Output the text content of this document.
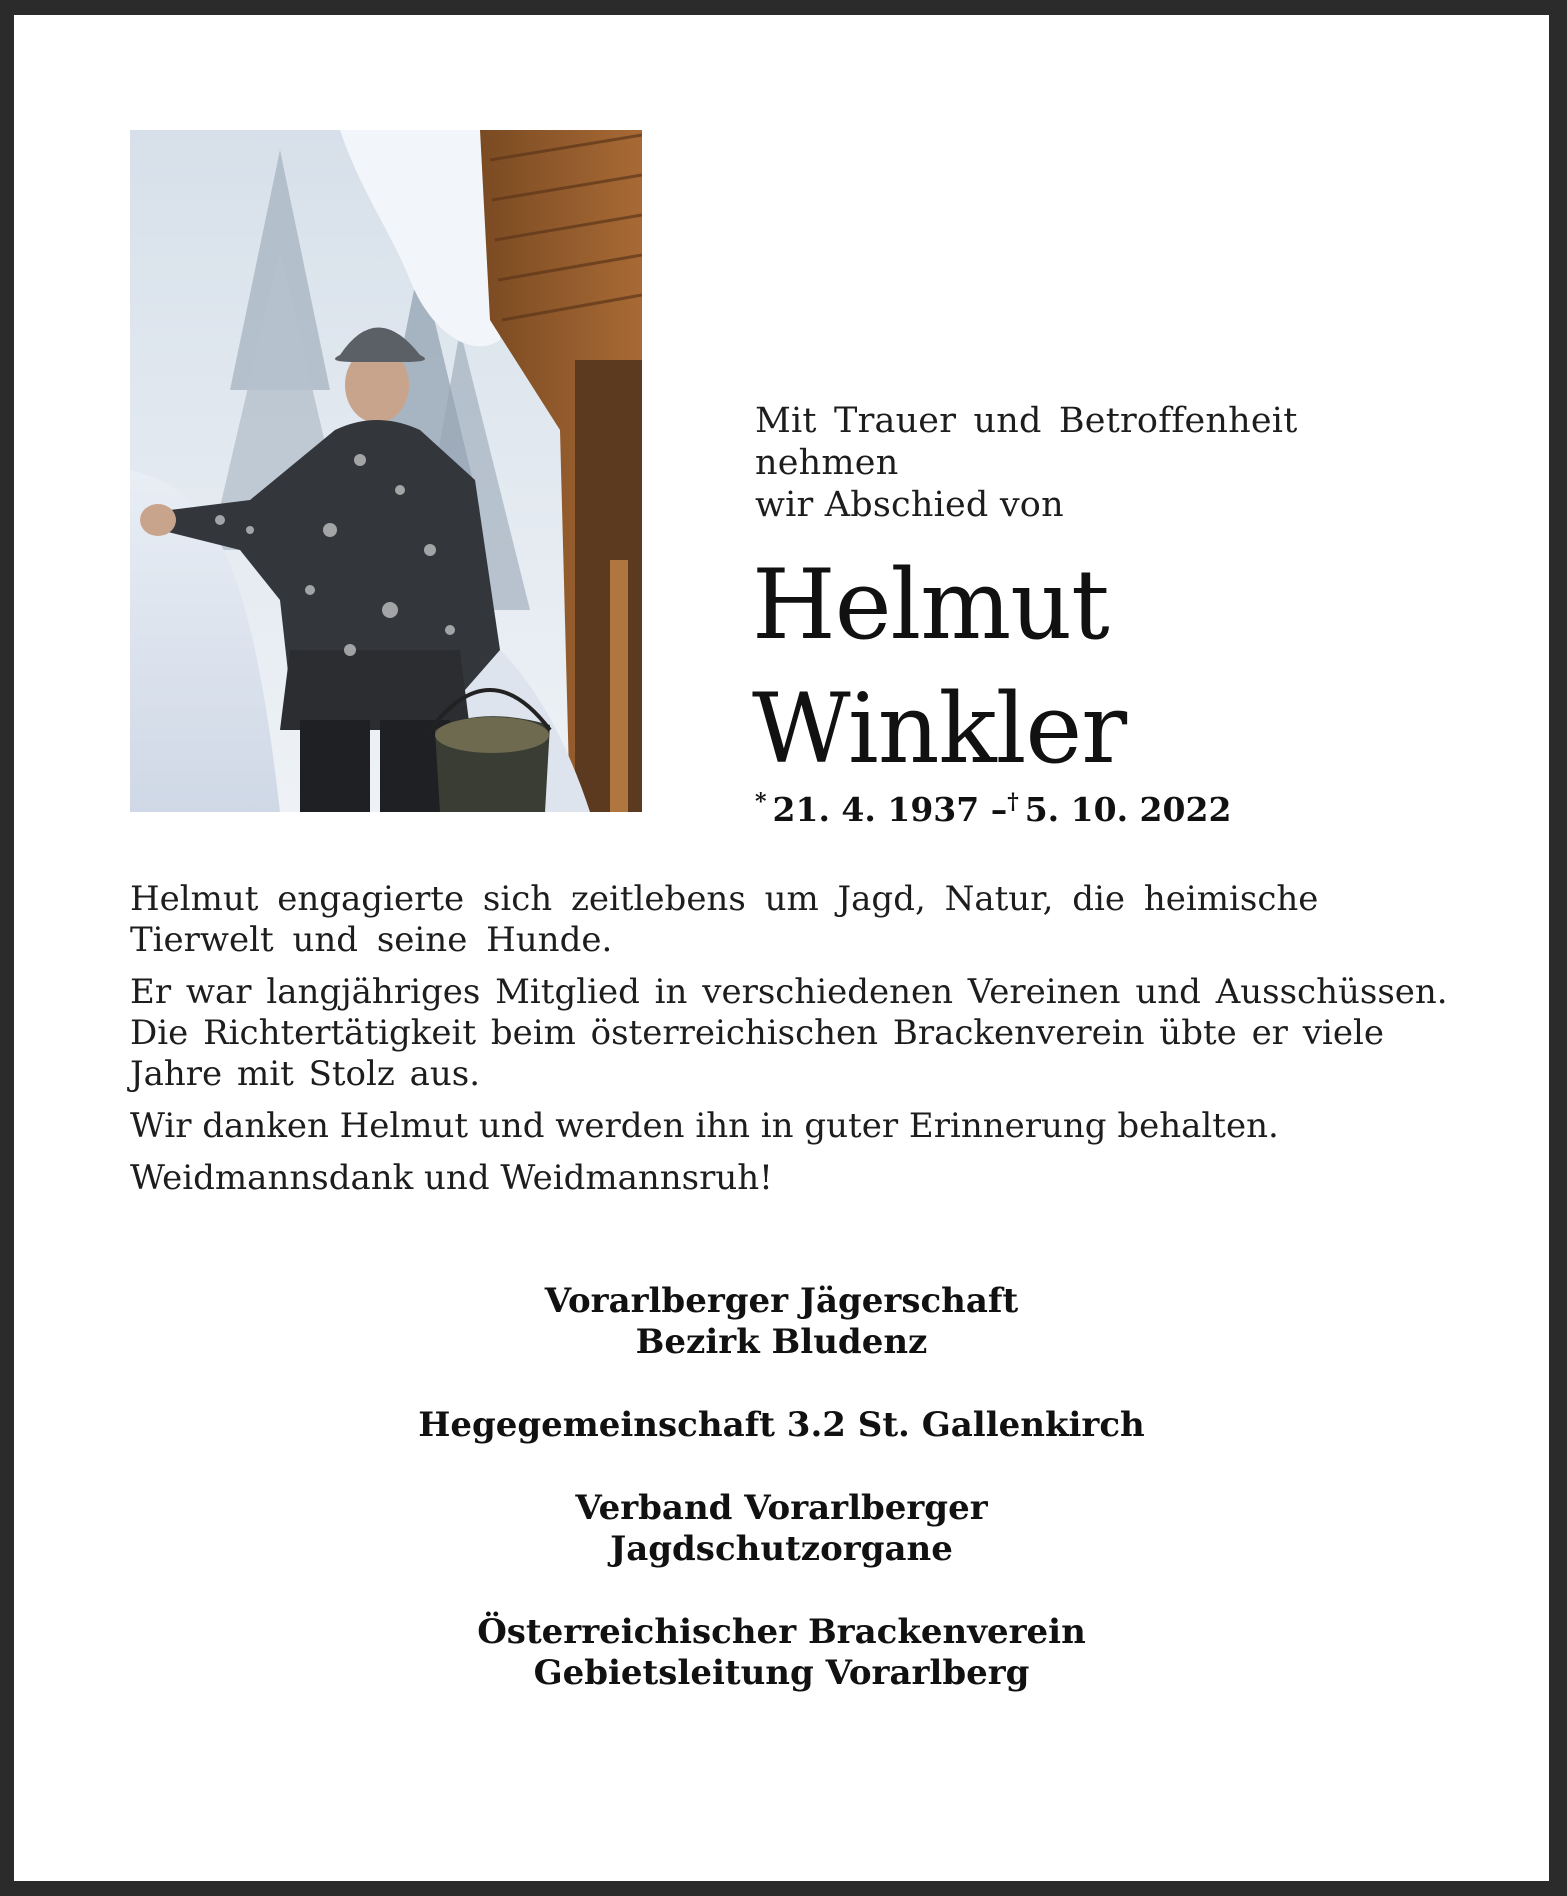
Mit Trauer und Betroffenheit nehmen
wir Abschied von
Helmut
Winkler
* 21. 4. 1937 –† 5. 10. 2022

Helmut engagierte sich zeitlebens um Jagd, Natur, die heimische Tierwelt und seine Hunde.

Er war langjähriges Mitglied in verschiedenen Vereinen und Ausschüssen. Die Richtertätigkeit beim österreichischen Brackenverein übte er viele Jahre mit Stolz aus.

Wir danken Helmut und werden ihn in guter Erinnerung behalten.

Weidmannsdank und Weidmannsruh!

Vorarlberger Jägerschaft
Bezirk Bludenz
Hegegemeinschaft 3.2 St. Gallenkirch
Verband Vorarlberger
Jagdschutzorgane
Österreichischer Brackenverein
Gebietsleitung Vorarlberg
